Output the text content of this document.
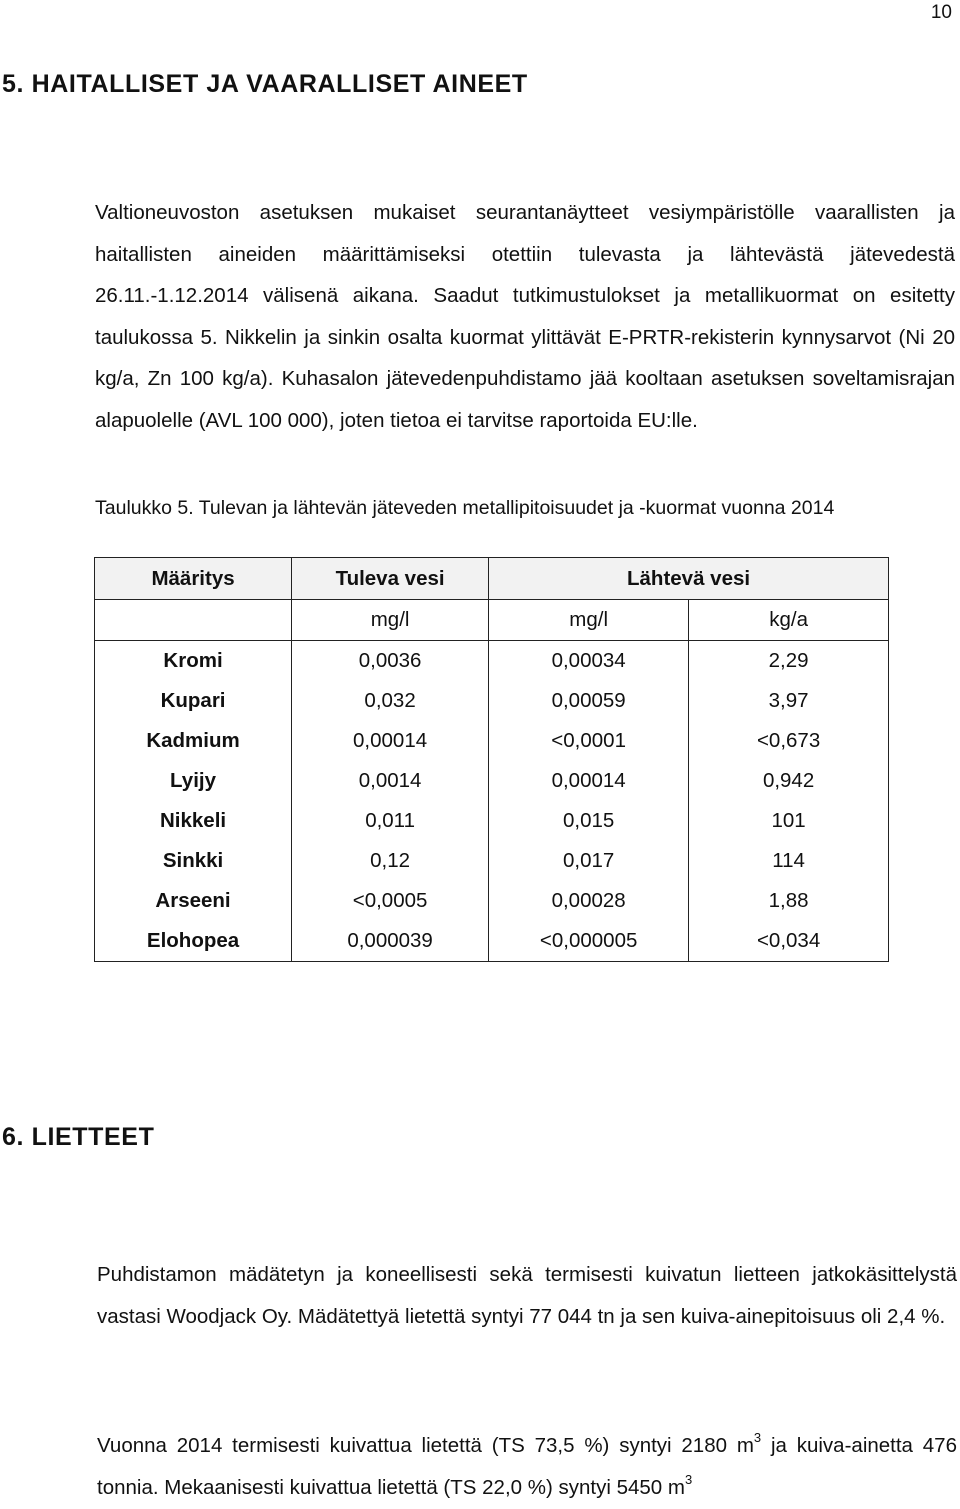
10
5. HAITALLISET JA VAARALLISET AINEET

Valtioneuvoston asetuksen mukaiset seurantanäytteet vesiympäristölle vaarallisten ja haitallisten aineiden määrittämiseksi otettiin tulevasta ja lähtevästä jätevedestä 26.11.-1.12.2014 välisenä aikana. Saadut tutkimustulokset ja metallikuormat on esitetty taulukossa 5. Nikkelin ja sinkin osalta kuormat ylittävät E-PRTR-rekisterin kynnysarvot (Ni 20 kg/a, Zn 100 kg/a). Kuhasalon jätevedenpuhdistamo jää kooltaan asetuksen soveltamisrajan alapuolelle (AVL 100 000), joten tietoa ei tarvitse raportoida EU:lle.

Taulukko 5. Tulevan ja lähtevän jäteveden metallipitoisuudet ja -kuormat vuonna 2014

Määritys	Tuleva vesi	Lähtevä vesi	
	mg/l	mg/l	kg/a
Kromi	0,0036	0,00034	2,29
Kupari	0,032	0,00059	3,97
Kadmium	0,00014	<0,0001	<0,673
Lyijy	0,0014	0,00014	0,942
Nikkeli	0,011	0,015	101
Sinkki	0,12	0,017	114
Arseeni	<0,0005	0,00028	1,88
Elohopea	0,000039	<0,000005	<0,034
6. LIETTEET

Puhdistamon mädätetyn ja koneellisesti sekä termisesti kuivatun lietteen jatkokäsittelystä vastasi Woodjack Oy. Mädätettyä lietettä syntyi 77 044 tn ja sen kuiva-ainepitoisuus oli 2,4 %.

Vuonna 2014 termisesti kuivattua lietettä (TS 73,5 %) syntyi 2180 $m^3$ ja kuiva-ainetta 476 tonnia. Mekaanisesti kuivattua lietettä (TS 22,0 %) syntyi 5450 $m^3$
